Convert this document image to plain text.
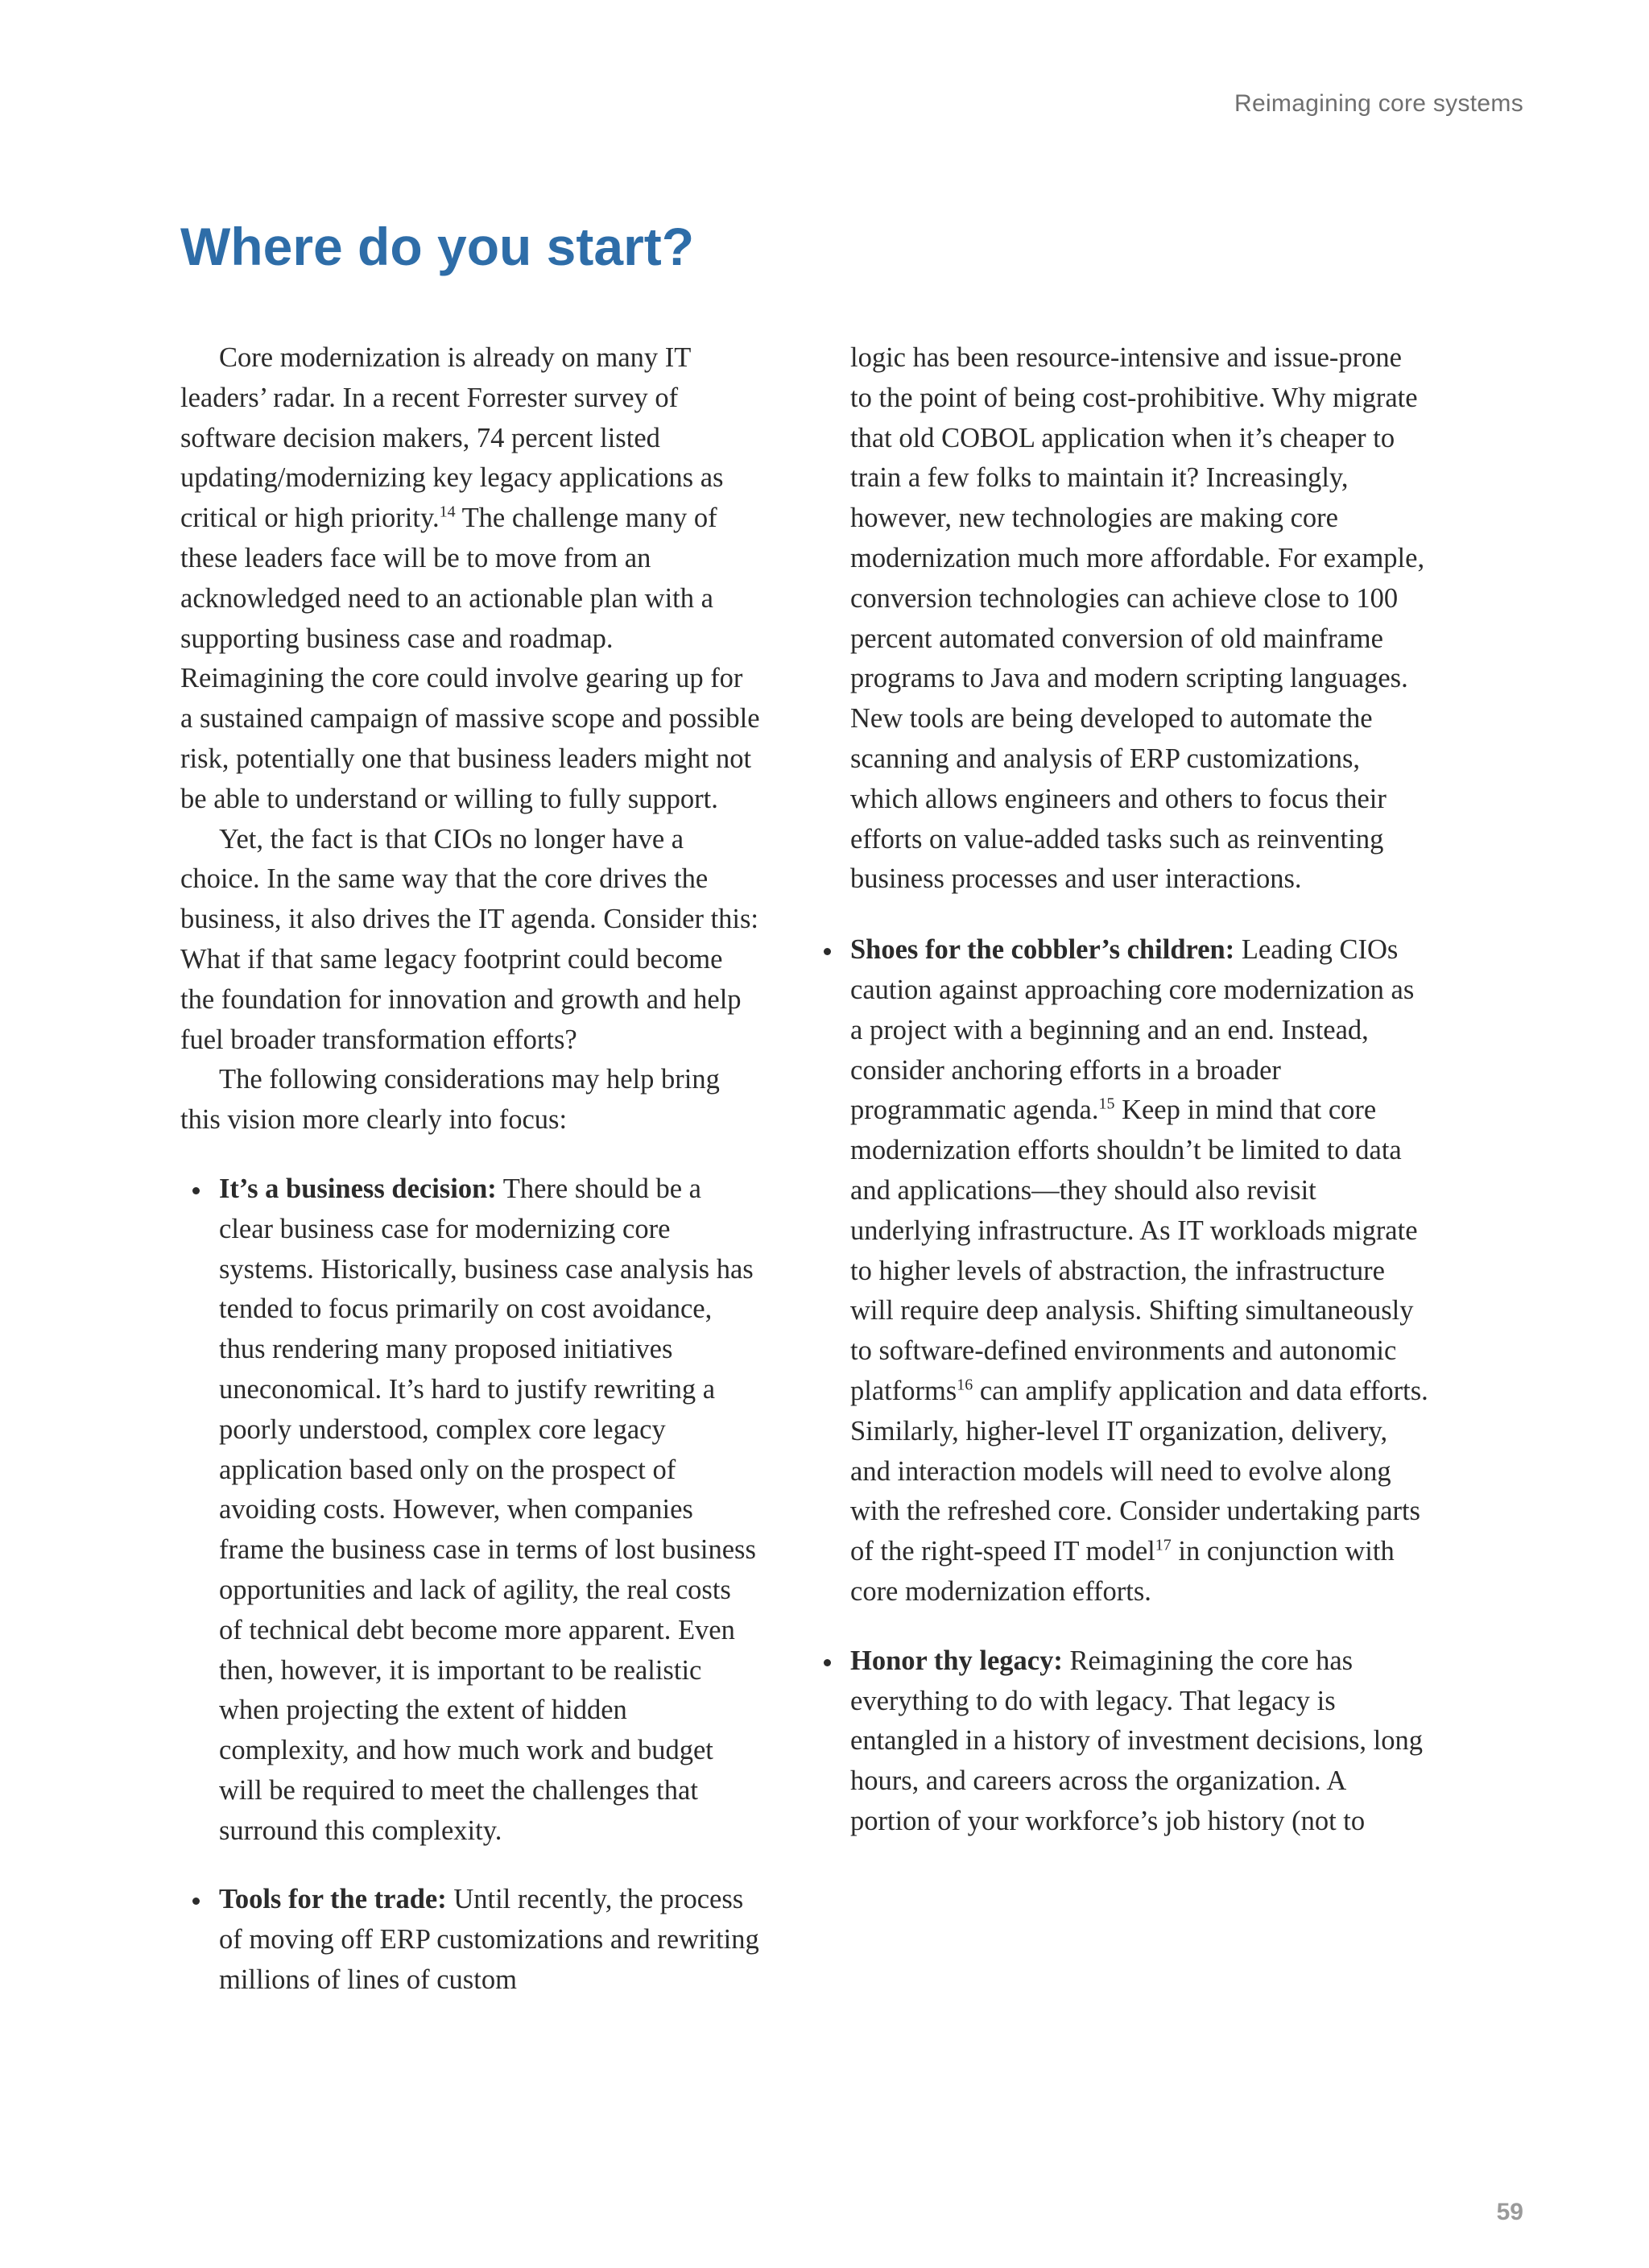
Reimagining core systems
Where do you start?

Core modernization is already on many IT leaders’ radar. In a recent Forrester survey of software decision makers, 74 percent listed updating/modernizing key legacy applications as critical or high priority.$^{14}$ The challenge many of these leaders face will be to move from an acknowledged need to an actionable plan with a supporting business case and roadmap. Reimagining the core could involve gearing up for a sustained campaign of massive scope and possible risk, potentially one that business leaders might not be able to understand or willing to fully support.

Yet, the fact is that CIOs no longer have a choice. In the same way that the core drives the business, it also drives the IT agenda. Consider this: What if that same legacy footprint could become the foundation for innovation and growth and help fuel broader transformation efforts?

The following considerations may help bring this vision more clearly into focus:

It’s a business decision: There should be a clear business case for modernizing core systems. Historically, business case analysis has tended to focus primarily on cost avoidance, thus rendering many proposed initiatives uneconomical. It’s hard to justify rewriting a poorly understood, complex core legacy application based only on the prospect of avoiding costs. However, when companies frame the business case in terms of lost business opportunities and lack of agility, the real costs of technical debt become more apparent. Even then, however, it is important to be realistic when projecting the extent of hidden complexity, and how much work and budget will be required to meet the challenges that surround this complexity.
Tools for the trade: Until recently, the process of moving off ERP customizations and rewriting millions of lines of custom

logic has been resource-intensive and issue-prone to the point of being cost-prohibitive. Why migrate that old COBOL application when it’s cheaper to train a few folks to maintain it? Increasingly, however, new technologies are making core modernization much more affordable. For example, conversion technologies can achieve close to 100 percent automated conversion of old mainframe programs to Java and modern scripting languages. New tools are being developed to automate the scanning and analysis of ERP customizations, which allows engineers and others to focus their efforts on value-added tasks such as reinventing business processes and user interactions.

Shoes for the cobbler’s children: Leading CIOs caution against approaching core modernization as a project with a beginning and an end. Instead, consider anchoring efforts in a broader programmatic agenda.$^{15}$ Keep in mind that core modernization efforts shouldn’t be limited to data and applications—they should also revisit underlying infrastructure. As IT workloads migrate to higher levels of abstraction, the infrastructure will require deep analysis. Shifting simultaneously to software-defined environments and autonomic platforms$^{16}$ can amplify application and data efforts. Similarly, higher-level IT organization, delivery, and interaction models will need to evolve along with the refreshed core. Consider undertaking parts of the right-speed IT model$^{17}$ in conjunction with core modernization efforts.
Honor thy legacy: Reimagining the core has everything to do with legacy. That legacy is entangled in a history of investment decisions, long hours, and careers across the organization. A portion of your workforce’s job history (not to
59
